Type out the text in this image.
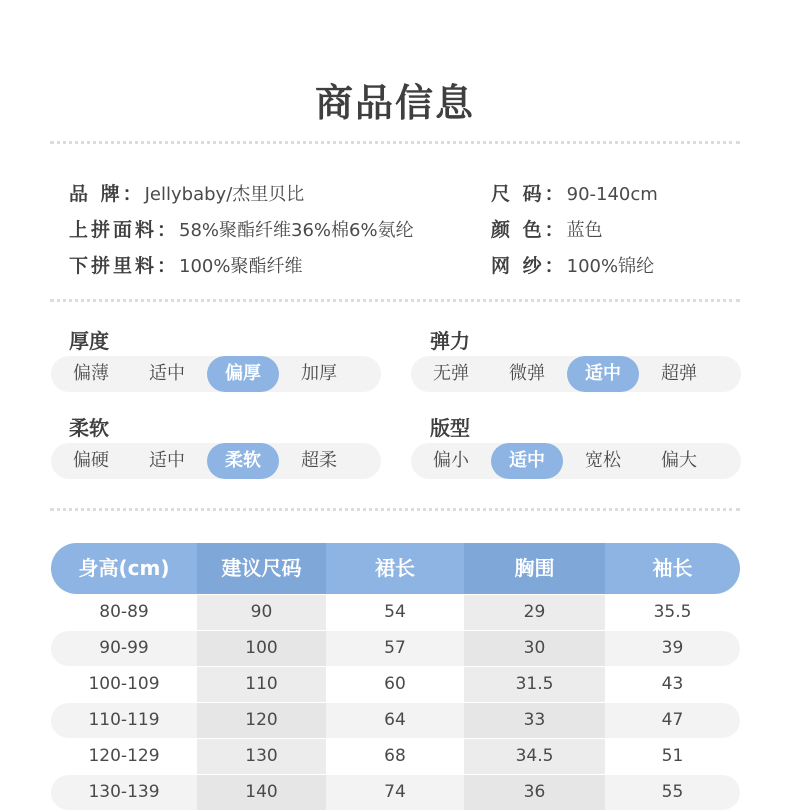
商品信息
品 牌：Jellybaby/杰里贝比	尺 码：90-140cm
上拼面料：58%聚酯纤维36%棉6%氨纶	颜 色：蓝色
下拼里料：100%聚酯纤维	网 纱：100%锦纶
厚度
偏薄	适中	偏厚	加厚
弹力
无弹	微弹	适中	超弹
柔软
偏硬	适中	柔软	超柔
版型
偏小	适中	宽松	偏大
身高(cm)	建议尺码	裙长	胸围	袖长
80-89	90	54	29	35.5
90-99	100	57	30	39
100-109	110	60	31.5	43
110-119	120	64	33	47
120-129	130	68	34.5	51
130-139	140	74	36	55
